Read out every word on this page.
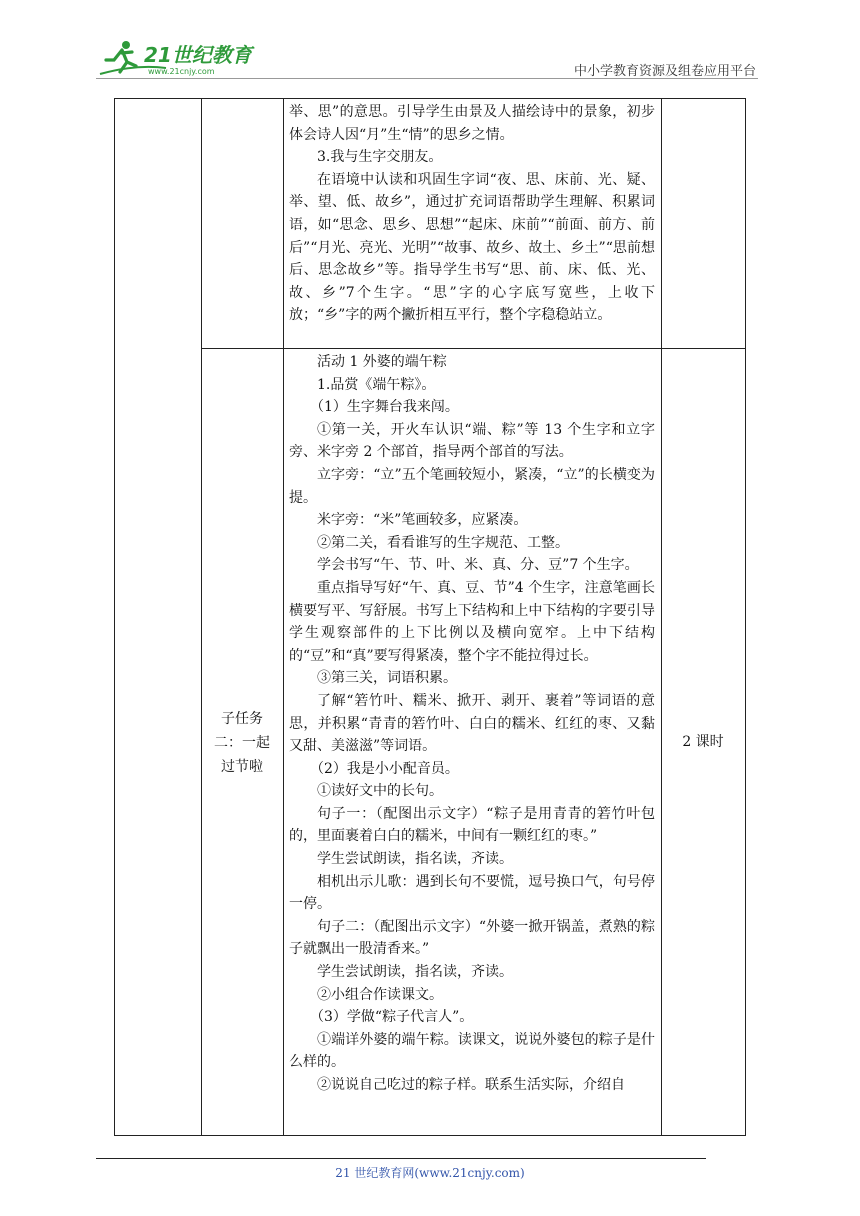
21世纪教育
www.21cnjy.com	中小学教育资源及组卷应用平台

举、思”的意思。引导学生由景及人描绘诗中的景象，初步体会诗人因“月”生“情”的思乡之情。

3.我与生字交朋友。

在语境中认读和巩固生字词“夜、思、床前、光、疑、举、望、低、故乡”，通过扩充词语帮助学生理解、积累词语，如“思念、思乡、思想”“起床、床前”“前面、前方、前后”“月光、亮光、光明”“故事、故乡、故土、乡土”“思前想后、思念故乡”等。指导学生书写“思、前、床、低、光、故、乡”7个生字。“思”字的心字底写宽些，上收下放；“乡”字的两个撇折相互平行，整个字稳稳站立。

活动 1 外婆的端午粽

1.品赏《端午粽》。

（1）生字舞台我来闯。

①第一关，开火车认识“端、粽”等 13 个生字和立字旁、米字旁 2 个部首，指导两个部首的写法。

立字旁：“立”五个笔画较短小，紧凑，“立”的长横变为提。

米字旁：“米”笔画较多，应紧凑。

②第二关，看看谁写的生字规范、工整。

学会书写“午、节、叶、米、真、分、豆”7 个生字。

重点指导写好“午、真、豆、节”4 个生字，注意笔画长横要写平、写舒展。书写上下结构和上中下结构的字要引导学生观察部件的上下比例以及横向宽窄。上中下结构的“豆”和“真”要写得紧凑，整个字不能拉得过长。

③第三关，词语积累。

了解“箬竹叶、糯米、掀开、剥开、裹着”等词语的意思，并积累“青青的箬竹叶、白白的糯米、红红的枣、又黏又甜、美滋滋”等词语。

（2）我是小小配音员。

①读好文中的长句。

句子一：（配图出示文字）“粽子是用青青的箬竹叶包的，里面裹着白白的糯米，中间有一颗红红的枣。”

学生尝试朗读，指名读，齐读。

相机出示儿歌：遇到长句不要慌，逗号换口气，句号停一停。

句子二：（配图出示文字）“外婆一掀开锅盖，煮熟的粽子就飘出一股清香来。”

学生尝试朗读，指名读，齐读。

②小组合作读课文。

（3）学做“粽子代言人”。

①端详外婆的端午粽。读课文，说说外婆包的粽子是什么样的。

②说说自己吃过的粽子样。联系生活实际，介绍自

子任务二：一起过节啦
2 课时
21 世纪教育网(www.21cnjy.com)
